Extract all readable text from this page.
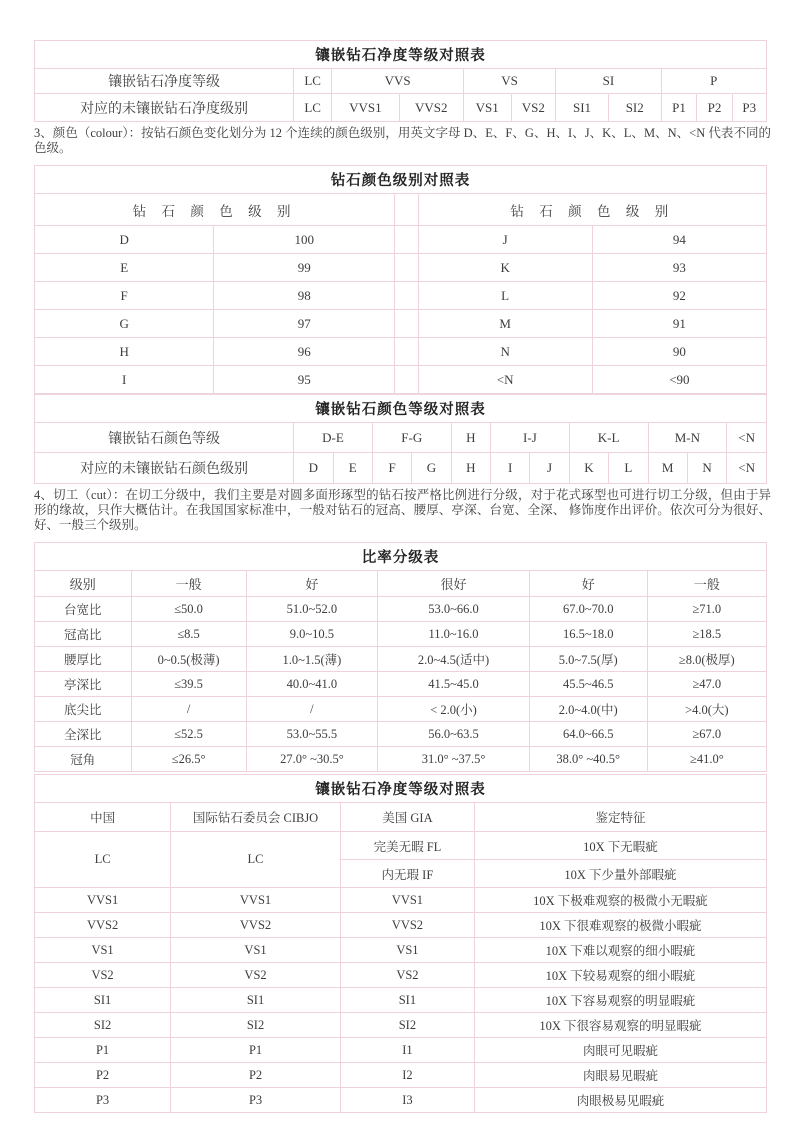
镶嵌钻石净度等级对照表										
镶嵌钻石净度等级	LC	VVS		VS		SI		P		
对应的未镶嵌钻石净度级别	LC	VVS1	VVS2	VS1	VS2	SI1	SI2	P1	P2	P3
3、颜色（colour）：按钻石颜色变化划分为 12 个连续的颜色级别，用英文字母 D、E、F、G、H、I、J、K、L、M、N、<N 代表不同的色级。
钻石颜色级别对照表				
钻 石 颜 色 级 别			钻 石 颜 色 级 别	
D	100		J	94
E	99		K	93
F	98		L	92
G	97		M	91
H	96		N	90
I	95		<N	<90
镶嵌钻石颜色等级对照表												
镶嵌钻石颜色等级	D-E		F-G		H	I-J		K-L		M-N		<N
对应的未镶嵌钻石颜色级别	D	E	F	G	H	I	J	K	L	M	N	<N
4、切工（cut）：在切工分级中，我们主要是对圆多面形琢型的钻石按严格比例进行分级，对于花式琢型也可进行切工分级，但由于异形的缘故，只作大概估计。在我国国家标准中，一般对钻石的冠高、腰厚、亭深、台宽、全深、 修饰度作出评价。依次可分为很好、好、一般三个级别。
比率分级表					
级别	一般	好	很好	好	一般
台宽比	≤50.0	51.0~52.0	53.0~66.0	67.0~70.0	≥71.0
冠高比	≤8.5	9.0~10.5	11.0~16.0	16.5~18.0	≥18.5
腰厚比	0~0.5(极薄)	1.0~1.5(薄)	2.0~4.5(适中)	5.0~7.5(厚)	≥8.0(极厚)
亭深比	≤39.5	40.0~41.0	41.5~45.0	45.5~46.5	≥47.0
底尖比	/	/	< 2.0(小)	2.0~4.0(中)	>4.0(大)
全深比	≤52.5	53.0~55.5	56.0~63.5	64.0~66.5	≥67.0
冠角	≤26.5°	27.0° ~30.5°	31.0° ~37.5°	38.0° ~40.5°	≥41.0°
镶嵌钻石净度等级对照表			
中国	国际钻石委员会 CIBJO	美国 GIA	鉴定特征
LC	LC	完美无暇 FL	10X 下无暇疵
		内无瑕 IF	10X 下少量外部暇疵
VVS1	VVS1	VVS1	10X 下极难观察的极微小无暇疵
VVS2	VVS2	VVS2	10X 下很难观察的极微小暇疵
VS1	VS1	VS1	10X 下难以观察的细小暇疵
VS2	VS2	VS2	10X 下较易观察的细小暇疵
SI1	SI1	SI1	10X 下容易观察的明显暇疵
SI2	SI2	SI2	10X 下很容易观察的明显暇疵
P1	P1	I1	肉眼可见暇疵
P2	P2	I2	肉眼易见暇疵
P3	P3	I3	肉眼极易见暇疵
